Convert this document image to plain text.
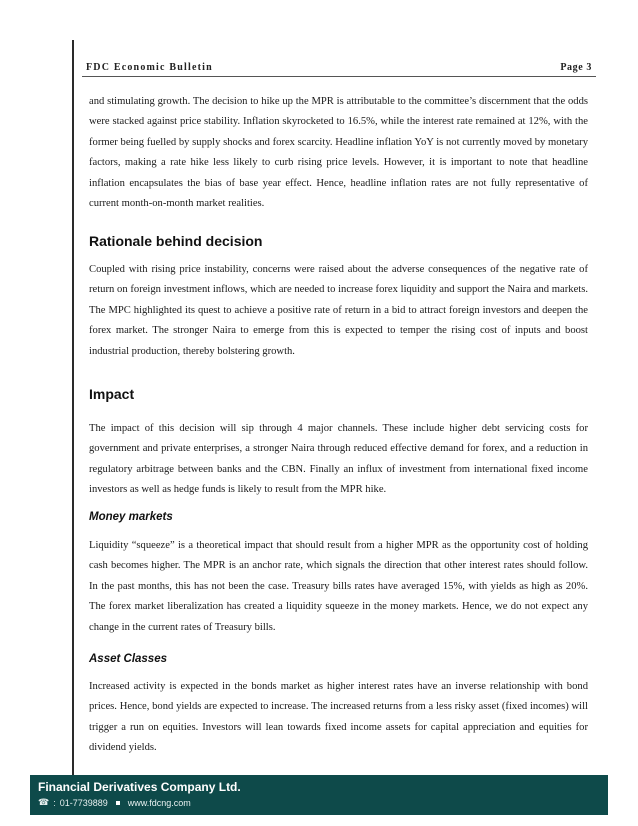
FDC Economic Bulletin	Page 3

and stimulating growth. The decision to hike up the MPR is attributable to the committee’s discernment that the odds were stacked against price stability. Inflation skyrocketed to 16.5%, while the interest rate remained at 12%, with the former being fuelled by supply shocks and forex scarcity. Headline inflation YoY is not currently moved by monetary factors, making a rate hike less likely to curb rising price levels. However, it is important to note that headline inflation encapsulates the bias of base year effect. Hence, headline inflation rates are not fully representative of current month-on-month market realities.

Rationale behind decision

Coupled with rising price instability, concerns were raised about the adverse consequences of the negative rate of return on foreign investment inflows, which are needed to increase forex liquidity and support the Naira and markets. The MPC highlighted its quest to achieve a positive rate of return in a bid to attract foreign investors and deepen the forex market. The stronger Naira to emerge from this is expected to temper the rising cost of inputs and boost industrial production, thereby bolstering growth.

Impact

The impact of this decision will sip through 4 major channels. These include higher debt servicing costs for government and private enterprises, a stronger Naira through reduced effective demand for forex, and a reduction in regulatory arbitrage between banks and the CBN. Finally an influx of investment from international fixed income investors as well as hedge funds is likely to result from the MPR hike.

Money markets

Liquidity “squeeze” is a theoretical impact that should result from a higher MPR as the opportunity cost of holding cash becomes higher. The MPR is an anchor rate, which signals the direction that other interest rates should follow. In the past months, this has not been the case. Treasury bills rates have averaged 15%, with yields as high as 20%. The forex market liberalization has created a liquidity squeeze in the money markets. Hence, we do not expect any change in the current rates of Treasury bills.

Asset Classes

Increased activity is expected in the bonds market as higher interest rates have an inverse relationship with bond prices. Hence, bond yields are expected to increase. The increased returns from a less risky asset (fixed incomes) will trigger a run on equities. Investors will lean towards fixed income assets for capital appreciation and equities for dividend yields.

Financial Derivatives Company Ltd.
☎ : 01-7739889 www.fdcng.com
